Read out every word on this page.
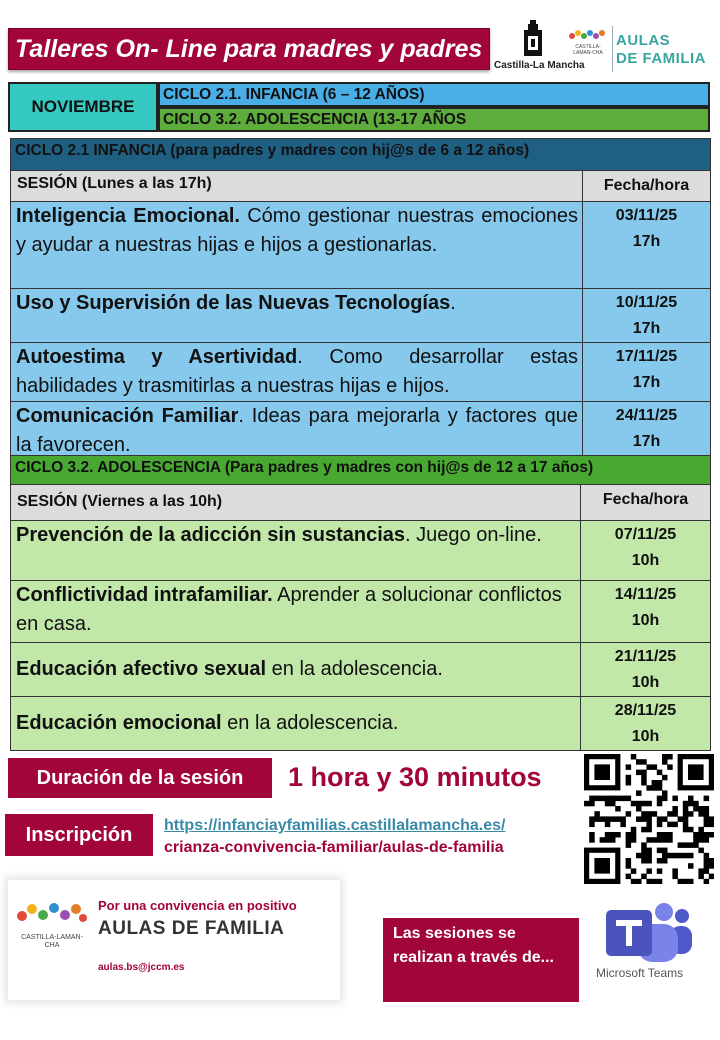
Talleres On- Line para madres y padres
Castilla-La Mancha
CASTILLA-LAMAN-CHA
AULAS
DE FAMILIA
NOVIEMBRE
CICLO 2.1. INFANCIA (6 – 12 AÑOS)
CICLO 3.2. ADOLESCENCIA (13-17 AÑOS
CICLO 2.1 INFANCIA (para padres y madres con hij@s de 6 a 12 años)	
SESIÓN (Lunes a las 17h)	Fecha/hora
Inteligencia Emocional. Cómo gestionar nuestras emociones y ayudar a nuestras hijas e hijos a gestionarlas.	03/11/25
17h

Uso y Supervisión de las Nuevas Tecnologías.	10/11/25
17h

Autoestima y Asertividad. Como desarrollar estas habilidades y trasmitirlas a nuestras hijas e hijos.	17/11/25
17h

Comunicación Familiar. Ideas para mejorarla y factores que la favorecen.	24/11/25
17h
CICLO 3.2. ADOLESCENCIA (Para padres y madres con hij@s de 12 a 17 años)	
SESIÓN (Viernes a las 10h)	Fecha/hora
Prevención de la adicción sin sustancias. Juego on-line.	07/11/25
10h

Conflictividad intrafamiliar. Aprender a solucionar conflictos en casa.	14/11/25
10h

Educación afectivo sexual en la adolescencia.	21/11/25
10h

Educación emocional en la adolescencia.	28/11/25
10h
Duración de la sesión 1 hora y 30 minutos
Inscripción https://infanciayfamilias.castillalamancha.es/
crianza-convivencia-familiar/aulas-de-familia
CASTILLA-LAMAN-CHA
Por una convivencia en positivo
AULAS DE FAMILIA
aulas.bs@jccm.es
Las sesiones se realizan a través de...
Microsoft Teams
